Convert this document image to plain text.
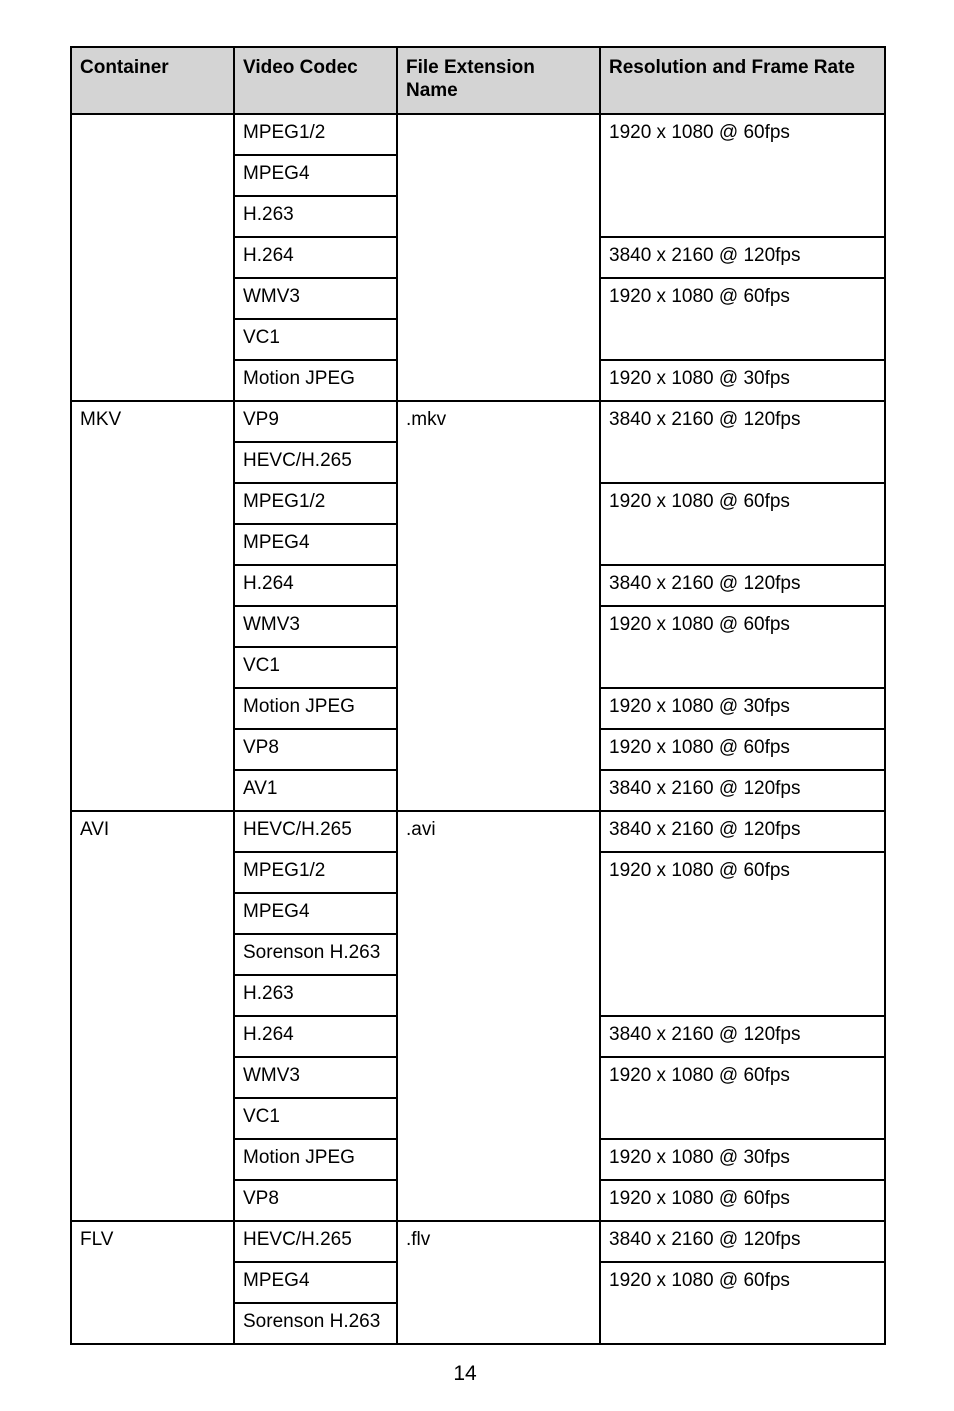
Container	Video Codec	File Extension Name	Resolution and Frame Rate
	MPEG1/2		1920 x 1080 @ 60fps
	MPEG4		
	H.263		
	H.264		3840 x 2160 @ 120fps
	WMV3		1920 x 1080 @ 60fps
	VC1		
	Motion JPEG		1920 x 1080 @ 30fps
MKV	VP9	.mkv	3840 x 2160 @ 120fps
	HEVC/H.265		
	MPEG1/2		1920 x 1080 @ 60fps
	MPEG4		
	H.264		3840 x 2160 @ 120fps
	WMV3		1920 x 1080 @ 60fps
	VC1		
	Motion JPEG		1920 x 1080 @ 30fps
	VP8		1920 x 1080 @ 60fps
	AV1		3840 x 2160 @ 120fps
AVI	HEVC/H.265	.avi	3840 x 2160 @ 120fps
	MPEG1/2		1920 x 1080 @ 60fps
	MPEG4		
	Sorenson H.263		
	H.263		
	H.264		3840 x 2160 @ 120fps
	WMV3		1920 x 1080 @ 60fps
	VC1		
	Motion JPEG		1920 x 1080 @ 30fps
	VP8		1920 x 1080 @ 60fps
FLV	HEVC/H.265	.flv	3840 x 2160 @ 120fps
	MPEG4		1920 x 1080 @ 60fps
	Sorenson H.263		
14
